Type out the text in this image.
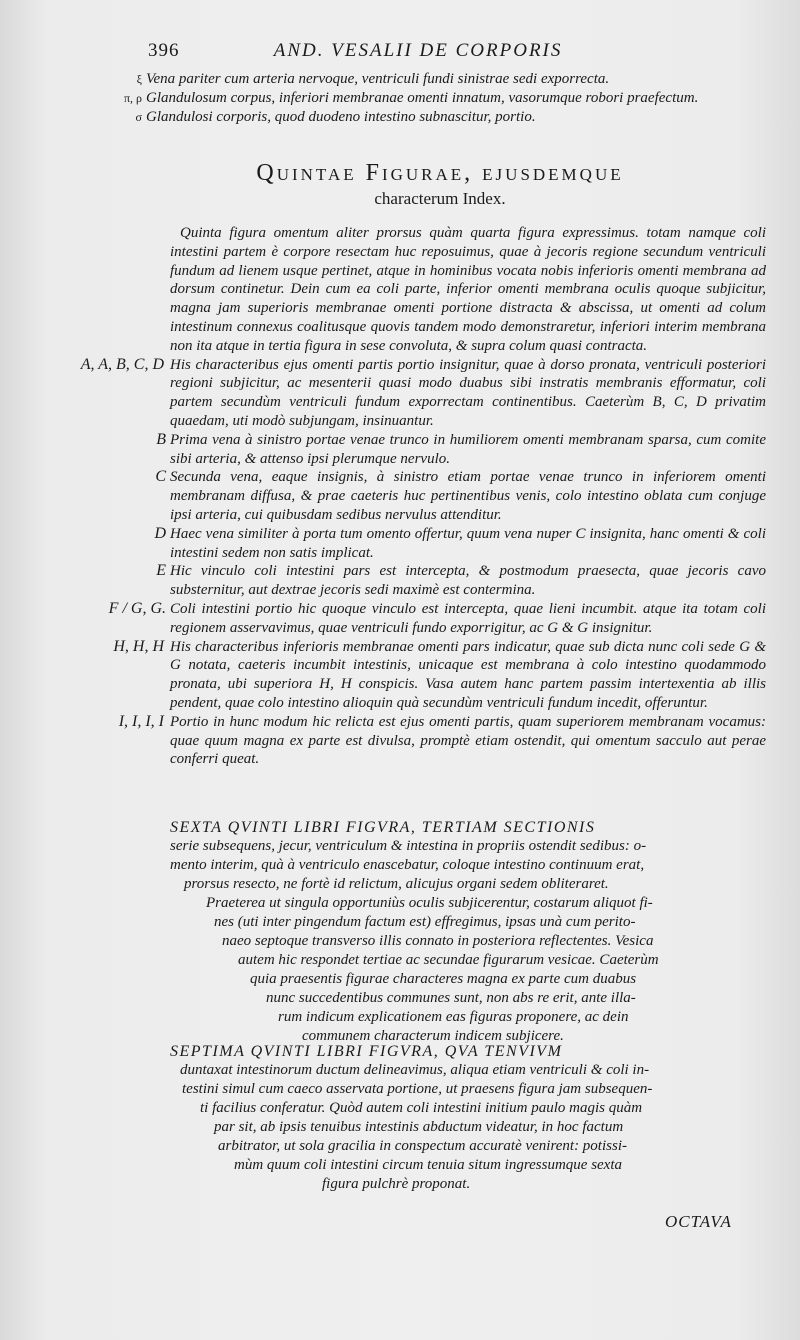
396	AND. VESALII DE CORPORIS
ξ Vena pariter cum arteria nervoque, ventriculi fundi sinistrae sedi exporrecta.
π, ρ Glandulosum corpus, inferiori membranae omenti innatum, vasorumque robori praefectum.
σ Glandulosi corporis, quod duodeno intestino subnascitur, portio.
Quintae Figurae, ejusdemque
characterum Index.

Quinta figura omentum aliter prorsus quàm quarta figura expressimus. totam namque coli intestini partem è corpore resectam huc reposuimus, quae à jecoris regione secundum ventriculi fundum ad lienem usque pertinet, atque in hominibus vocata nobis inferioris omenti membrana ad dorsum continetur. Dein cum ea coli parte, inferior omenti membrana oculis quoque subjicitur, magna jam superioris membranae omenti portione distracta & abscissa, ut omenti ad colum intestinum connexus coalitusque quovis tandem modo demonstraretur, inferiori interim membrana non ita atque in tertia figura in sese convoluta, & supra colum quasi contracta.

A, A, B, C, D His characteribus ejus omenti partis portio insignitur, quae à dorso pronata, ventriculi posteriori regioni subjicitur, ac mesenterii quasi modo duabus sibi instratis membranis efformatur, coli partem secundùm ventriculi fundum exporrectam continentibus. Caeterùm B, C, D privatim quaedam, uti modò subjungam, insinuantur.
B Prima vena à sinistro portae venae trunco in humiliorem omenti membranam sparsa, cum comite sibi arteria, & attenso ipsi plerumque nervulo.
C Secunda vena, eaque insignis, à sinistro etiam portae venae trunco in inferiorem omenti membranam diffusa, & prae caeteris huc pertinentibus venis, colo intestino oblata cum conjuge ipsi arteria, cui quibusdam sedibus nervulus attenditur.
D Haec vena similiter à porta tum omento offertur, quum vena nuper C insignita, hanc omenti & coli intestini sedem non satis implicat.
E Hic vinculo coli intestini pars est intercepta, & postmodum praesecta, quae jecoris cavo substernitur, aut dextrae jecoris sedi maximè est contermina.
F / G, G. Coli intestini portio hic quoque vinculo est intercepta, quae lieni incumbit. atque ita totam coli regionem asservavimus, quae ventriculi fundo exporrigitur, ac G & G insignitur.
H, H, H His characteribus inferioris membranae omenti pars indicatur, quae sub dicta nunc coli sede G & G notata, caeteris incumbit intestinis, unicaque est membrana à colo intestino quodammodo pronata, ubi superiora H, H conspicis. Vasa autem hanc partem passim intertexentia ab illis pendent, quae colo intestino alioquin quà secundùm ventriculi fundum incedit, offeruntur.
I, I, I, I Portio in hunc modum hic relicta est ejus omenti partis, quam superiorem membranam vocamus: quae quum magna ex parte est divulsa, promptè etiam ostendit, qui omentum sacculo aut perae conferri queat.
SEXTA QVINTI LIBRI FIGVRA, TERTIAM SECTIONIS
serie subsequens, jecur, ventriculum & intestina in propriis ostendit sedibus: o-
mento interim, quà à ventriculo enascebatur, coloque intestino continuum erat,
prorsus resecto, ne fortè id relictum, alicujus organi sedem obliteraret.
Praeterea ut singula opportuniùs oculis subjicerentur, costarum aliquot fi-
nes (uti inter pingendum factum est) effregimus, ipsas unà cum perito-
naeo septoque transverso illis connato in posteriora reflectentes. Vesica
autem hic respondet tertiae ac secundae figurarum vesicae. Caeterùm
quia praesentis figurae characteres magna ex parte cum duabus
nunc succedentibus communes sunt, non abs re erit, ante illa-
rum indicum explicationem eas figuras proponere, ac dein
communem characterum indicem subjicere.
SEPTIMA QVINTI LIBRI FIGVRA, QVA TENVIVM
duntaxat intestinorum ductum delineavimus, aliqua etiam ventriculi & coli in-
testini simul cum caeco asservata portione, ut praesens figura jam subsequen-
ti facilius conferatur. Quòd autem coli intestini initium paulo magis quàm
par sit, ab ipsis tenuibus intestinis abductum videatur, in hoc factum
arbitrator, ut sola gracilia in conspectum accuratè venirent: potissi-
mùm quum coli intestini circum tenuia situm ingressumque sexta
figura pulchrè proponat.
OCTAVA
